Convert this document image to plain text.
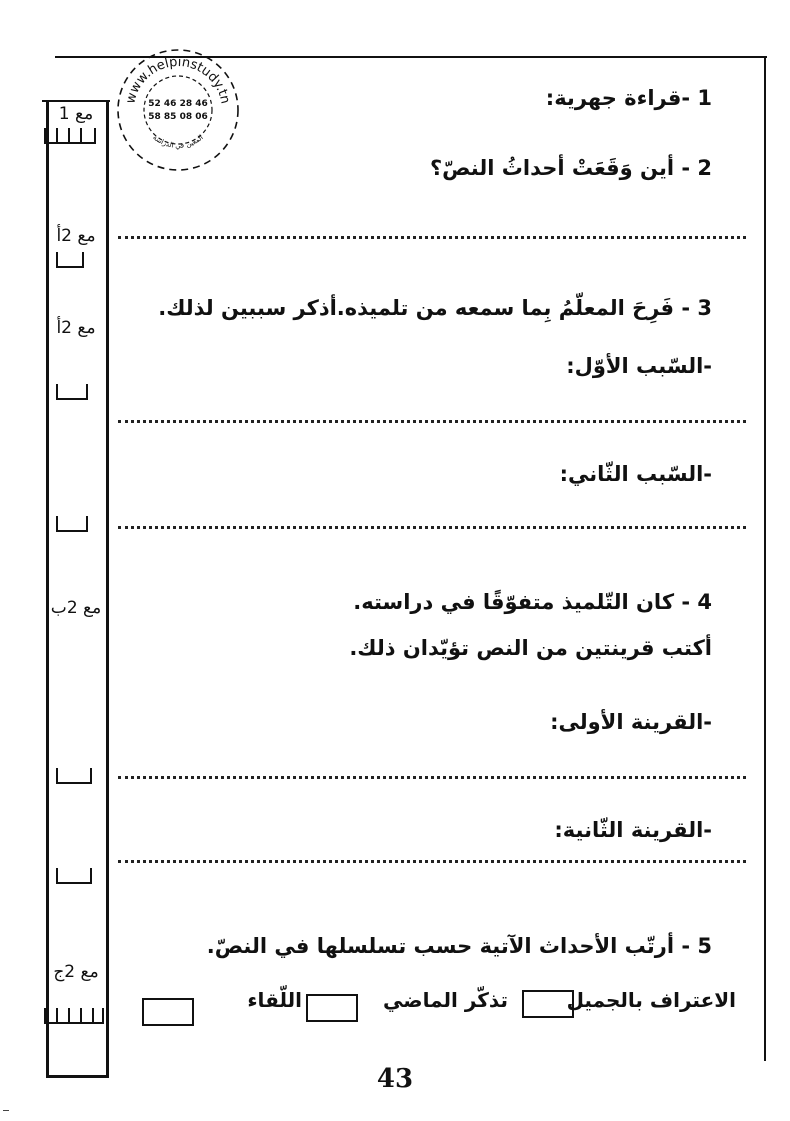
www.helpinstudy.tn
52 46 28 46
58 85 08 06
المعين في الدراسة
مع 1
مع 2أ
مع 2أ
مع 2ب
مع 2ج
1 -قراءة جهرية:
2 - أين وَقَعَتْ أحداثُ النصّ؟
3 - فَرِحَ المعلّمُ بِما سمعه من تلميذه.أذكر سببين لذلك.
-السّبب الأوّل:
-السّبب الثّاني:
4 - كان التّلميذ متفوّقًا في دراسته.
أكتب قرينتين من النص تؤيّدان ذلك.
-القرينة الأولى:
-القرينة الثّانية:
5 - أرتّب الأحداث الآتية حسب تسلسلها في النصّ.
الاعتراف بالجميل
تذكّر الماضي
اللّقاء
43
